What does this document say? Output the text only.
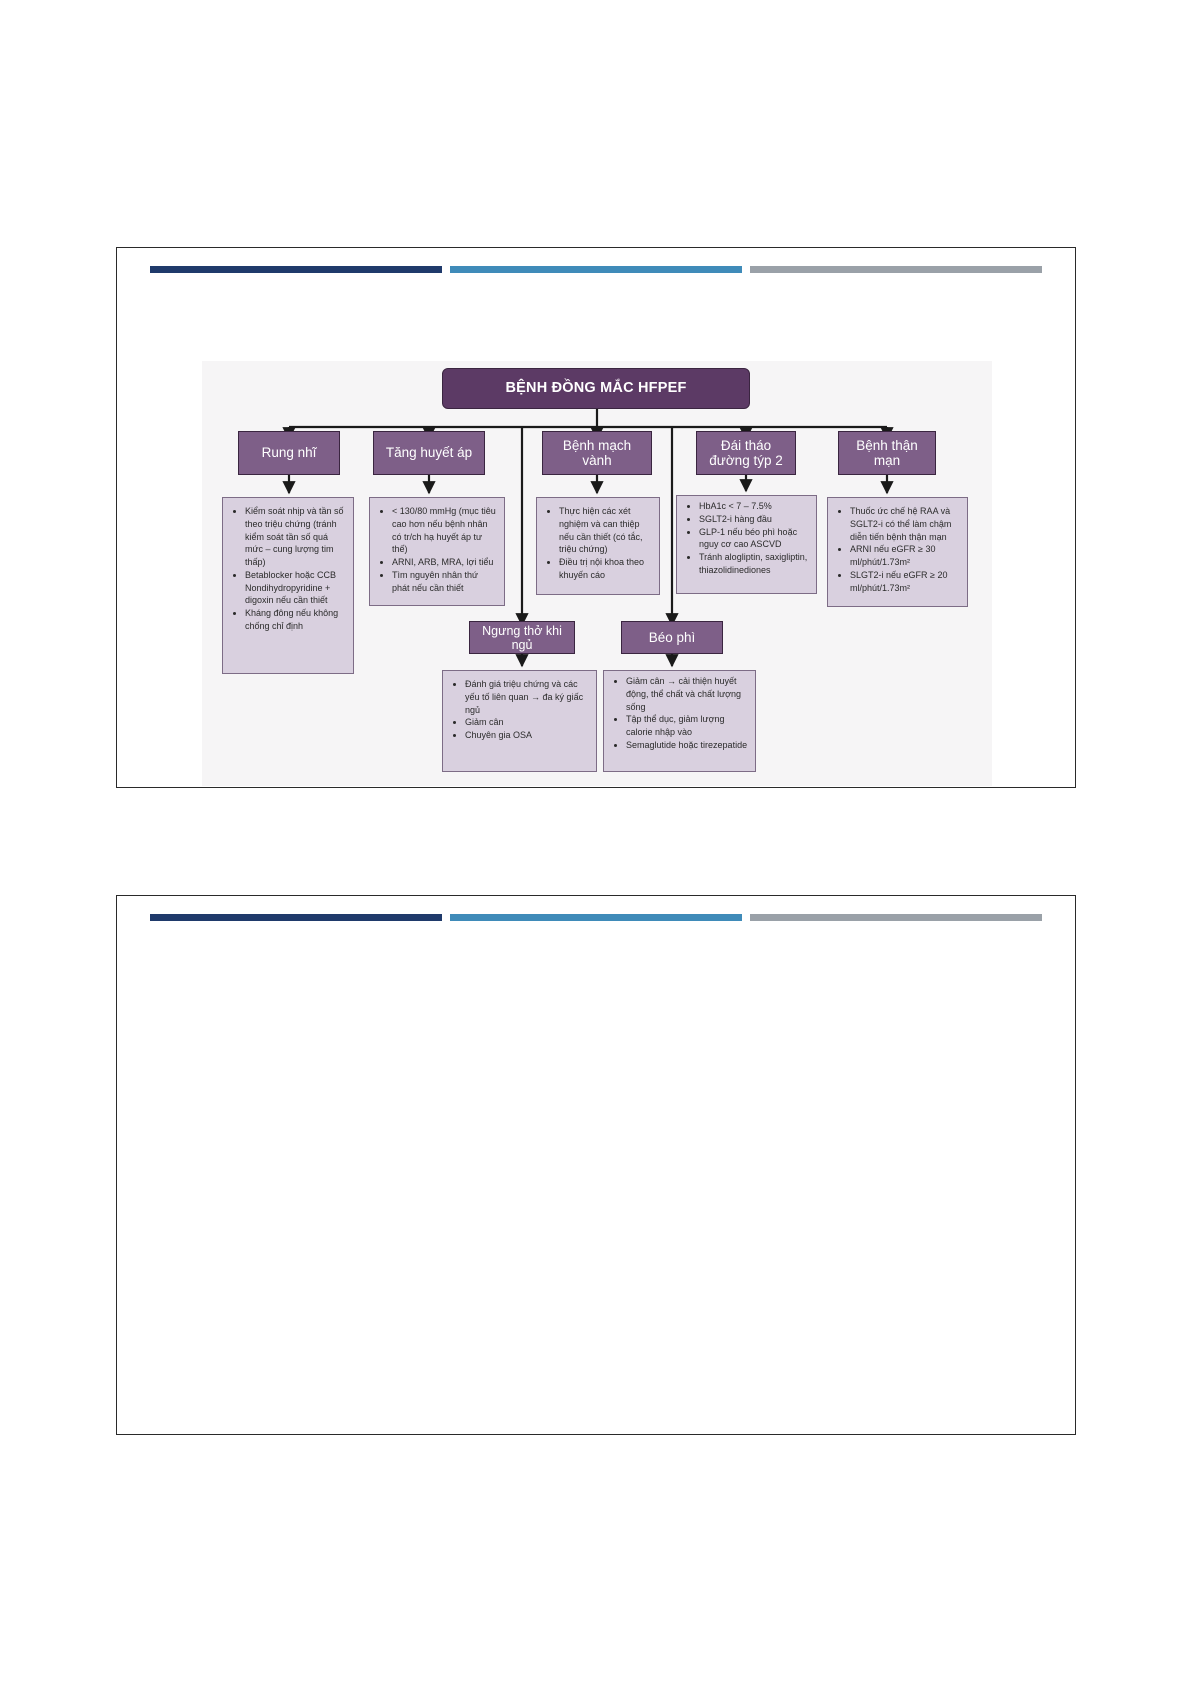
BỆNH ĐỒNG MẮC HFPEF
Rung nhĩ	Tăng huyết áp
Bệnh mạch vành
Đái tháo đường týp 2
Bệnh thận mạn
• Kiểm soát nhịp và tần số theo triệu chứng (tránh kiểm soát tần số quá mức – cung lượng tim thấp)
• Betablocker hoặc CCB Nondihydropyridine + digoxin nếu cần thiết
• Kháng đông nếu không chống chỉ định
• < 130/80 mmHg (mục tiêu cao hơn nếu bệnh nhân có tr/ch hạ huyết áp tư thế)
• ARNI, ARB, MRA, lợi tiểu
• Tìm nguyên nhân thứ phát nếu cần thiết
• Thực hiện các xét nghiệm và can thiệp nếu cần thiết (có tắc, triệu chứng)
• Điều trị nội khoa theo khuyến cáo
• HbA1c < 7 – 7.5%
• SGLT2-i hàng đầu
• GLP-1 nếu béo phì hoặc nguy cơ cao ASCVD
• Tránh alogliptin, saxigliptin, thiazolidinediones
• Thuốc ức chế hệ RAA và SGLT2-i có thể làm chậm diễn tiến bệnh thận mạn
• ARNI nếu eGFR ≥ 30 ml/phút/1.73m²
• SLGT2-i nếu eGFR ≥ 20 ml/phút/1.73m²
Ngưng thở khi ngủ	Béo phì
• Đánh giá triệu chứng và các yếu tố liên quan → đa ký giấc ngủ
• Giảm cân
• Chuyên gia OSA
• Giảm cân → cải thiện huyết động, thể chất và chất lượng sống
• Tập thể dục, giảm lượng calorie nhập vào
• Semaglutide hoặc tirezepatide
